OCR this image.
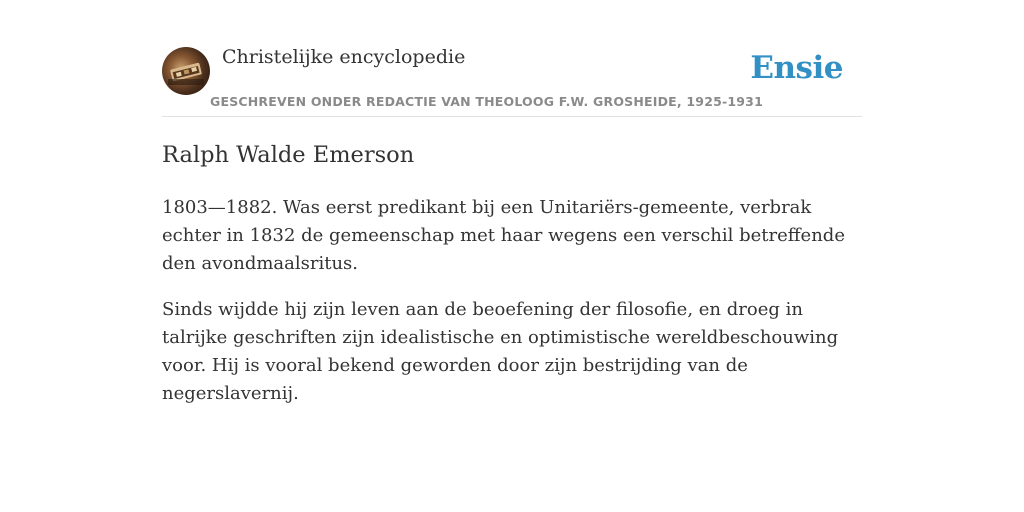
Christelijke encyclopedie
GESCHREVEN ONDER REDACTIE VAN THEOLOOG F.W. GROSHEIDE, 1925-1931
Ensie
Ralph Walde Emerson

1803—1882. Was eerst predikant bij een Unitariërs-gemeente, verbrak echter in 1832 de gemeenschap met haar wegens een verschil betreffende den avondmaalsritus.

Sinds wijdde hij zijn leven aan de beoefening der filosofie, en droeg in talrijke geschriften zijn idealistische en optimistische wereldbeschouwing voor. Hij is vooral bekend geworden door zijn bestrijding van de negerslavernij.
